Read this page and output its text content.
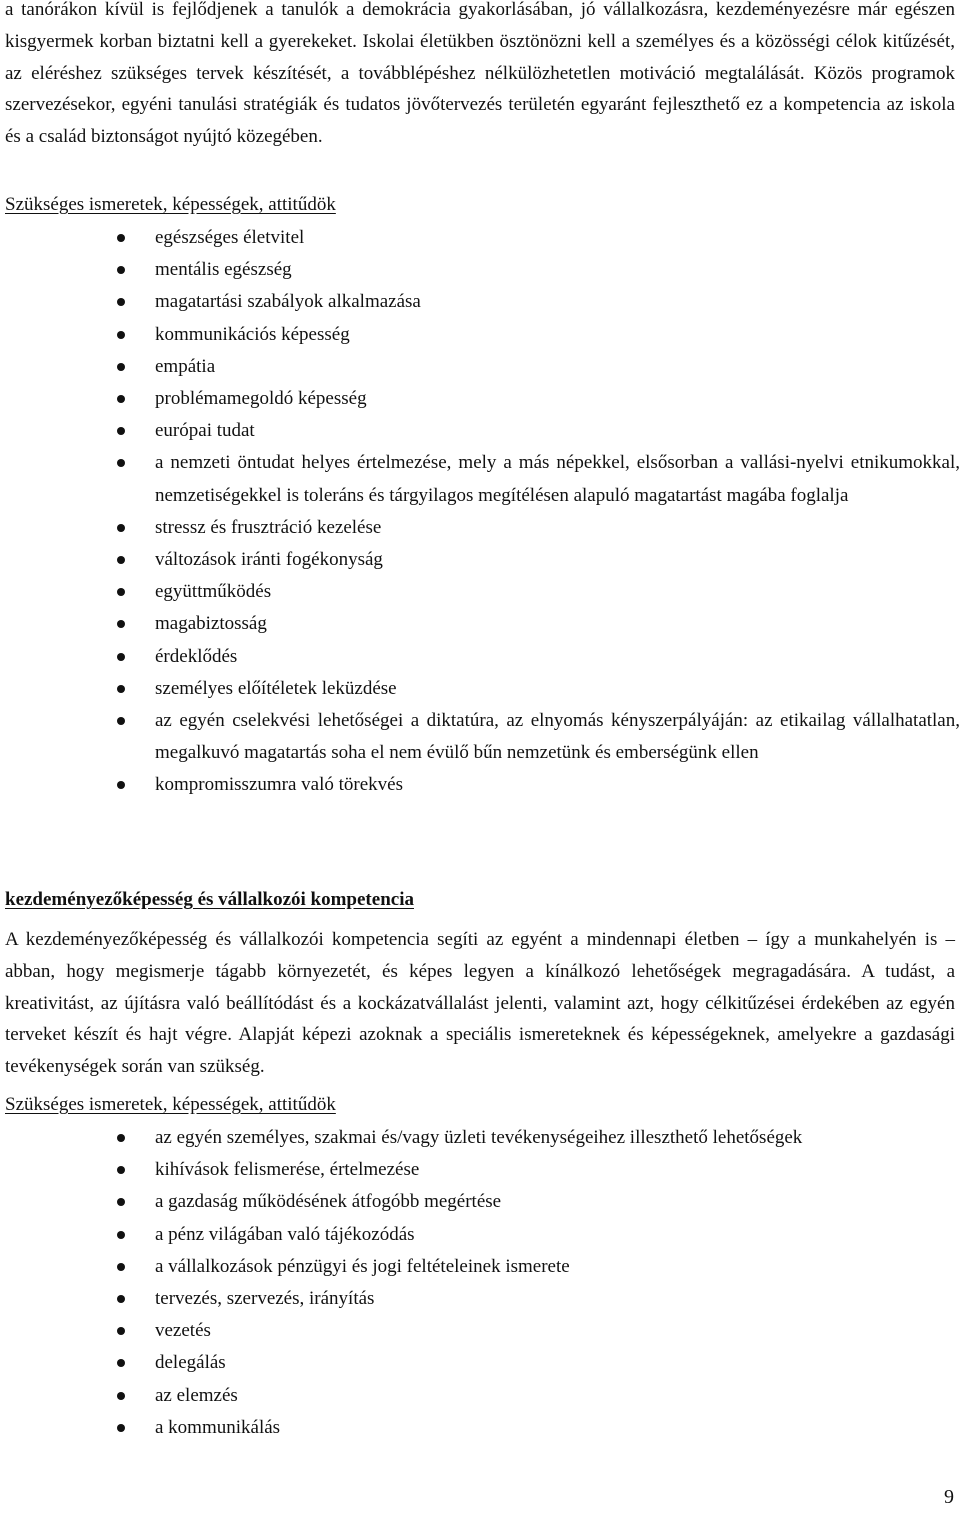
a tanórákon kívül is fejlődjenek a tanulók a demokrácia gyakorlásában, jó vállalkozásra, kezdeményezésre már egészen kisgyermek korban biztatni kell a gyerekeket. Iskolai életükben ösztönözni kell a személyes és a közösségi célok kitűzését, az eléréshez szükséges tervek készítését, a továbblépéshez nélkülözhetetlen motiváció megtalálását. Közös programok szervezésekor, egyéni tanulási stratégiák és tudatos jövőtervezés területén egyaránt fejleszthető ez a kompetencia az iskola és a család biztonságot nyújtó közegében.

Szükséges ismeretek, képességek, attitűdök

egészséges életvitel
mentális egészség
magatartási szabályok alkalmazása
kommunikációs képesség
empátia
problémamegoldó képesség
európai tudat
a nemzeti öntudat helyes értelmezése, mely a más népekkel, elsősorban a vallási-nyelvi etnikumokkal, nemzetiségekkel is toleráns és tárgyilagos megítélésen alapuló magatartást magába foglalja
stressz és frusztráció kezelése
változások iránti fogékonyság
együttműködés
magabiztosság
érdeklődés
személyes előítéletek leküzdése
az egyén cselekvési lehetőségei a diktatúra, az elnyomás kényszerpályáján: az etikailag vállalhatatlan, megalkuvó magatartás soha el nem évülő bűn nemzetünk és emberségünk ellen
kompromisszumra való törekvés

kezdeményezőképesség és vállalkozói kompetencia

A kezdeményezőképesség és vállalkozói kompetencia segíti az egyént a mindennapi életben – így a munkahelyén is – abban, hogy megismerje tágabb környezetét, és képes legyen a kínálkozó lehetőségek megragadására. A tudást, a kreativitást, az újításra való beállítódást és a kockázatvállalást jelenti, valamint azt, hogy célkitűzései érdekében az egyén terveket készít és hajt végre. Alapját képezi azoknak a speciális ismereteknek és képességeknek, amelyekre a gazdasági tevékenységek során van szükség.

Szükséges ismeretek, képességek, attitűdök

az egyén személyes, szakmai és/vagy üzleti tevékenységeihez illeszthető lehetőségek
kihívások felismerése, értelmezése
a gazdaság működésének átfogóbb megértése
a pénz világában való tájékozódás
a vállalkozások pénzügyi és jogi feltételeinek ismerete
tervezés, szervezés, irányítás
vezetés
delegálás
az elemzés
a kommunikálás
9
